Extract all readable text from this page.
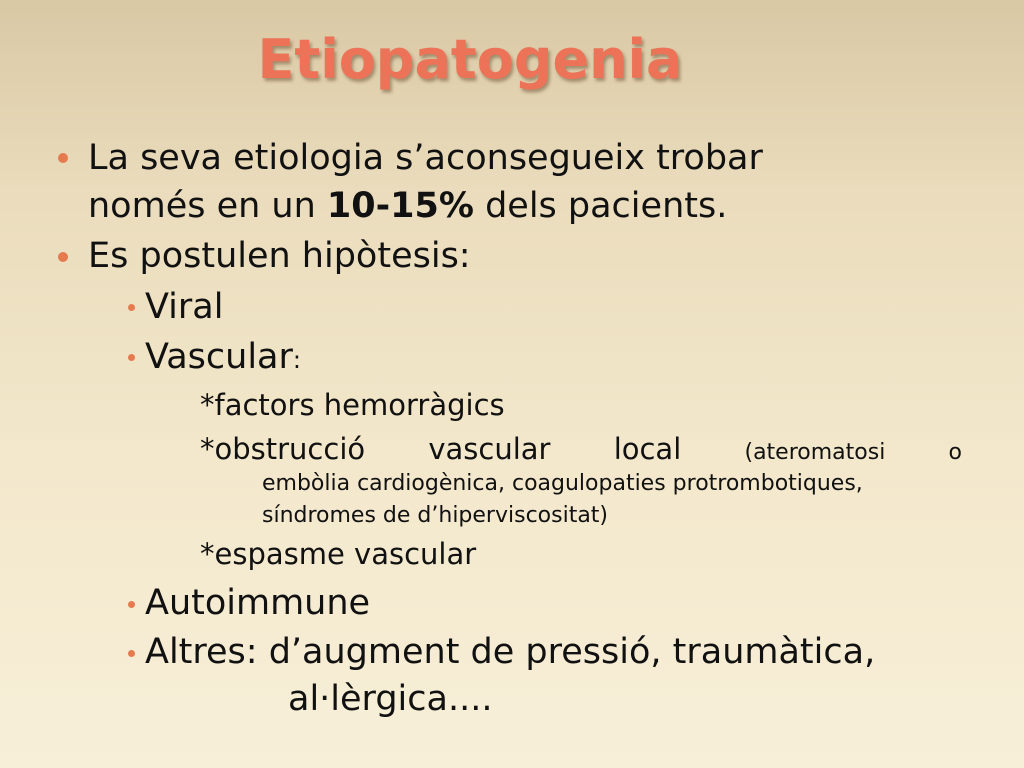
Etiopatogenia
La seva etiologia s’aconsegueix trobar
només en un 10-15% dels pacients.
Es postulen hipòtesis:
Viral
Vascular:
*factors hemorràgics
*obstrucció vascular local	(ateromatosi	o
embòlia cardiogènica, coagulopaties protrombotiques,
síndromes de d’hiperviscositat)
*espasme vascular
Autoimmune
Altres: d’augment de pressió, traumàtica,
al·lèrgica....
